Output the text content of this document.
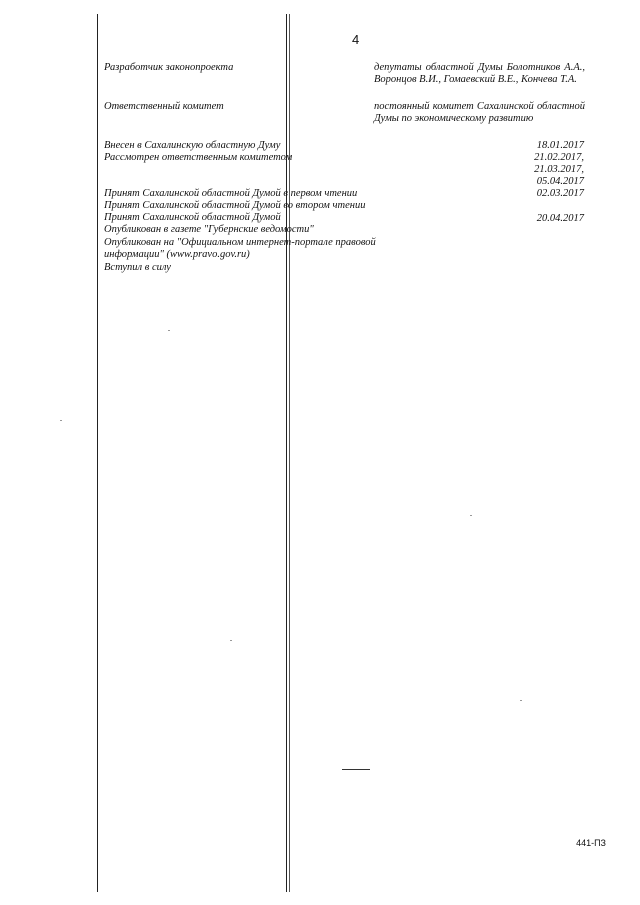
4
Разработчик законопроекта	депутаты областной Думы Болотников А.А., Воронцов В.И., Гомаевский В.Е., Кончева Т.А.
Ответственный комитет	постоянный комитет Сахалинской областной Думы по экономическому развитию
Внесен в Сахалинскую областную Думу	18.01.2017
Рассмотрен ответственным комитетом	21.02.2017,
21.03.2017,
05.04.2017
Принят Сахалинской областной Думой в первом чтении	02.03.2017
Принят Сахалинской областной Думой во втором чтении
Принят Сахалинской областной Думой	20.04.2017
Опубликован в газете "Губернские ведомости"
Опубликован на "Официальном интернет-портале правовой
информации" (www.pravo.gov.ru)
Вступил в силу
441-ПЗ
